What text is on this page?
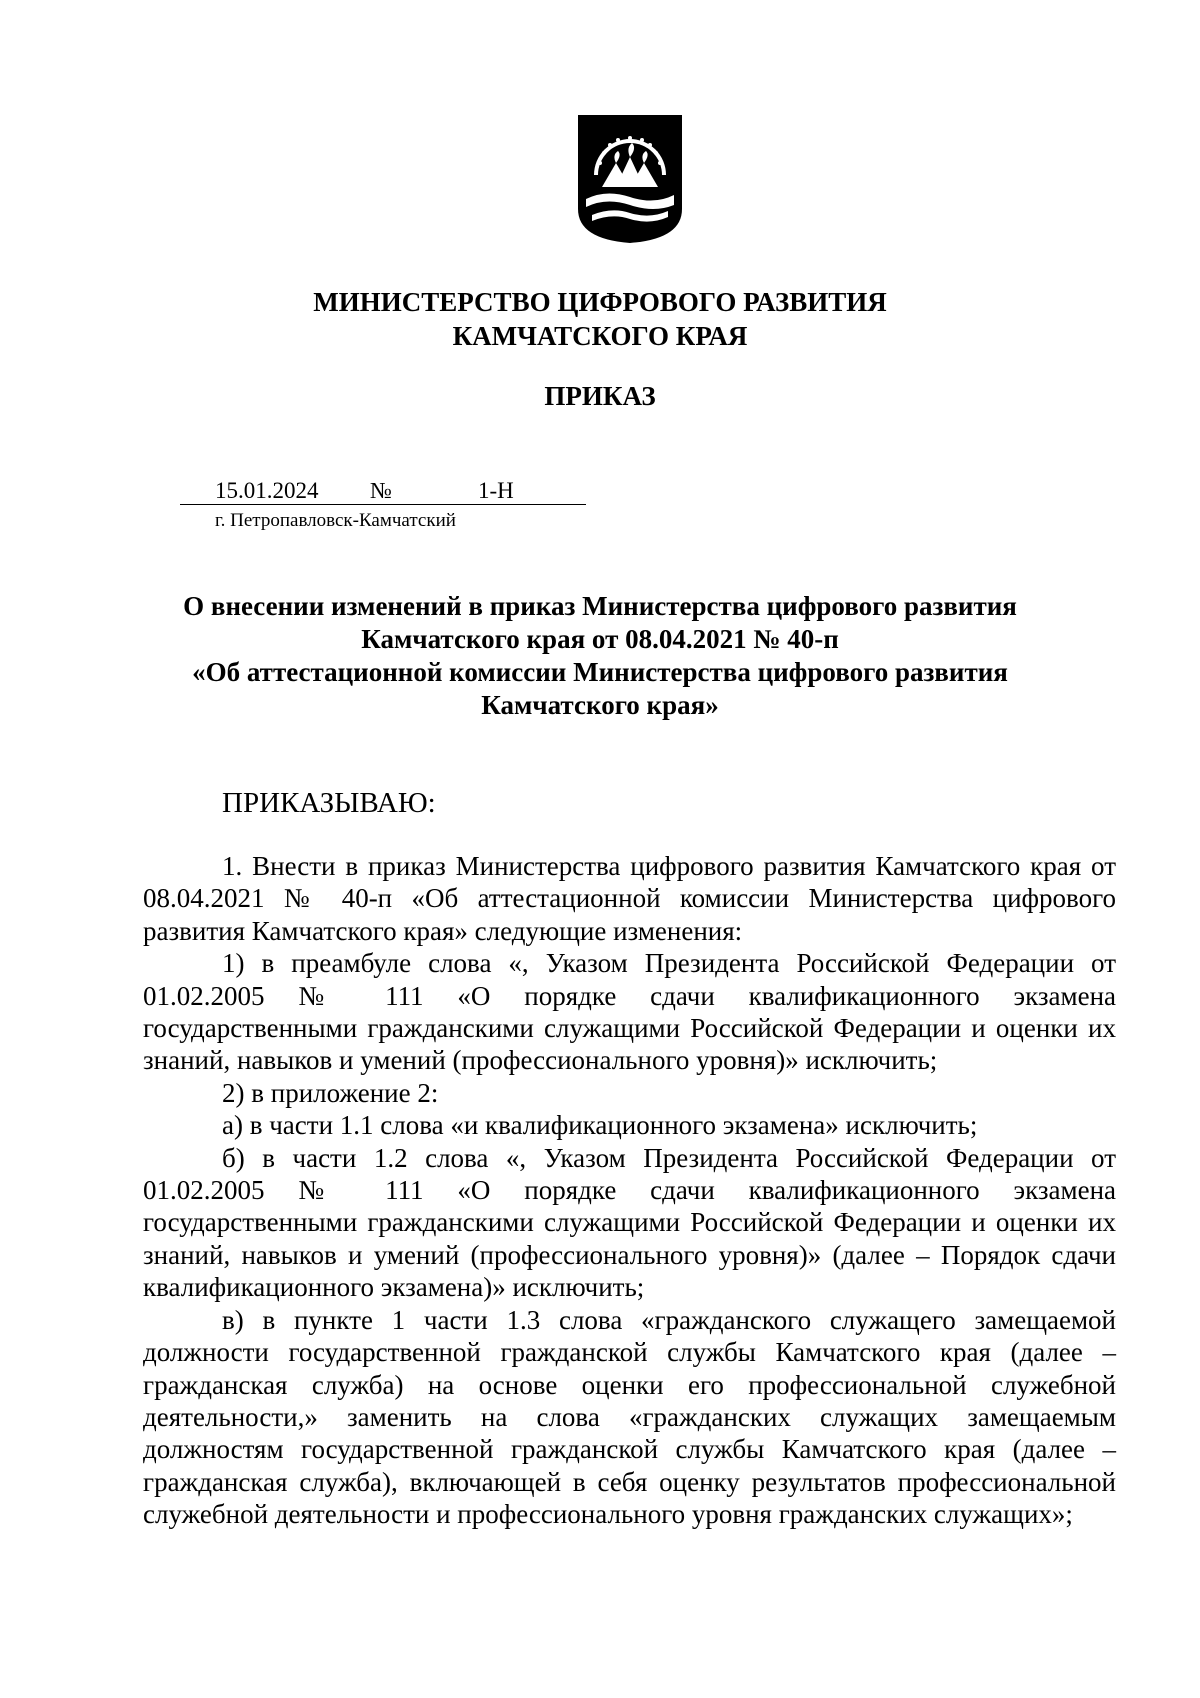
МИНИСТЕРСТВО ЦИФРОВОГО РАЗВИТИЯ
КАМЧАТСКОГО КРАЯ
ПРИКАЗ
15.01.2024 №	1-Н
г. Петропавловск-Камчатский
О внесении изменений в приказ Министерства цифрового развития
Камчатского края от 08.04.2021 № 40-п
«Об аттестационной комиссии Министерства цифрового развития
Камчатского края»
ПРИКАЗЫВАЮ:

1. Внести в приказ Министерства цифрового развития Камчатского края от 08.04.2021 № 40-п «Об аттестационной комиссии Министерства цифрового развития Камчатского края» следующие изменения:

1) в преамбуле слова «, Указом Президента Российской Федерации от 01.02.2005 № 111 «О порядке сдачи квалификационного экзамена государственными гражданскими служащими Российской Федерации и оценки их знаний, навыков и умений (профессионального уровня)» исключить;

2) в приложение 2:

а) в части 1.1 слова «и квалификационного экзамена» исключить;

б) в части 1.2 слова «, Указом Президента Российской Федерации от 01.02.2005 № 111 «О порядке сдачи квалификационного экзамена государственными гражданскими служащими Российской Федерации и оценки их знаний, навыков и умений (профессионального уровня)» (далее – Порядок сдачи квалификационного экзамена)» исключить;

в) в пункте 1 части 1.3 слова «гражданского служащего замещаемой должности государственной гражданской службы Камчатского края (далее – гражданская служба) на основе оценки его профессиональной служебной деятельности,» заменить на слова «гражданских служащих замещаемым должностям государственной гражданской службы Камчатского края (далее – гражданская служба), включающей в себя оценку результатов профессиональной служебной деятельности и профессионального уровня гражданских служащих»;
